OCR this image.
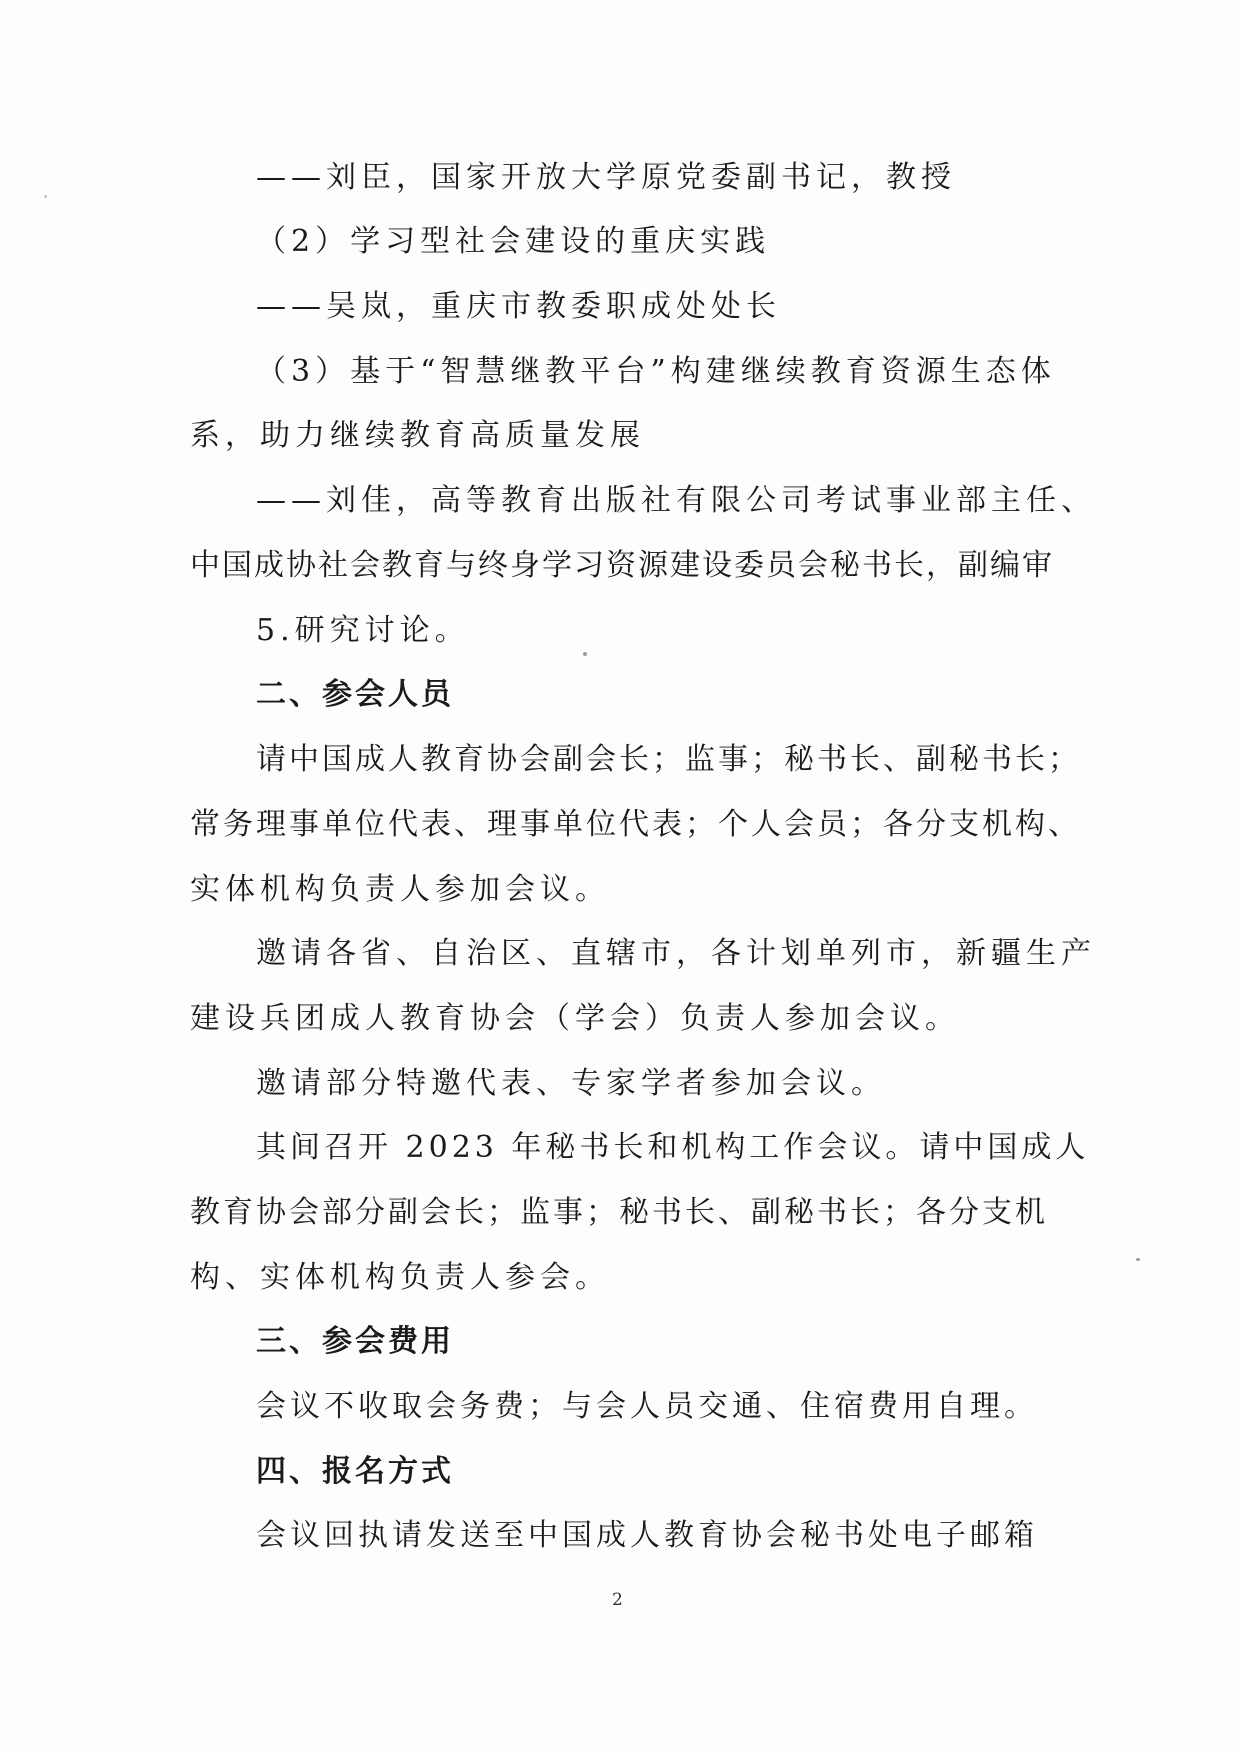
——刘臣，国家开放大学原党委副书记，教授
（2）学习型社会建设的重庆实践
——吴岚，重庆市教委职成处处长
（3）基于“智慧继教平台”构建继续教育资源生态体
系，助力继续教育高质量发展
——刘佳，高等教育出版社有限公司考试事业部主任、
中国成协社会教育与终身学习资源建设委员会秘书长，副编审
5.研究讨论。
二、参会人员
请中国成人教育协会副会长；监事；秘书长、副秘书长；
常务理事单位代表、理事单位代表；个人会员；各分支机构、
实体机构负责人参加会议。
邀请各省、自治区、直辖市，各计划单列市，新疆生产
建设兵团成人教育协会（学会）负责人参加会议。
邀请部分特邀代表、专家学者参加会议。
其间召开 2023 年秘书长和机构工作会议。请中国成人
教育协会部分副会长；监事；秘书长、副秘书长；各分支机
构、实体机构负责人参会。
三、参会费用
会议不收取会务费；与会人员交通、住宿费用自理。
四、报名方式
会议回执请发送至中国成人教育协会秘书处电子邮箱
2
